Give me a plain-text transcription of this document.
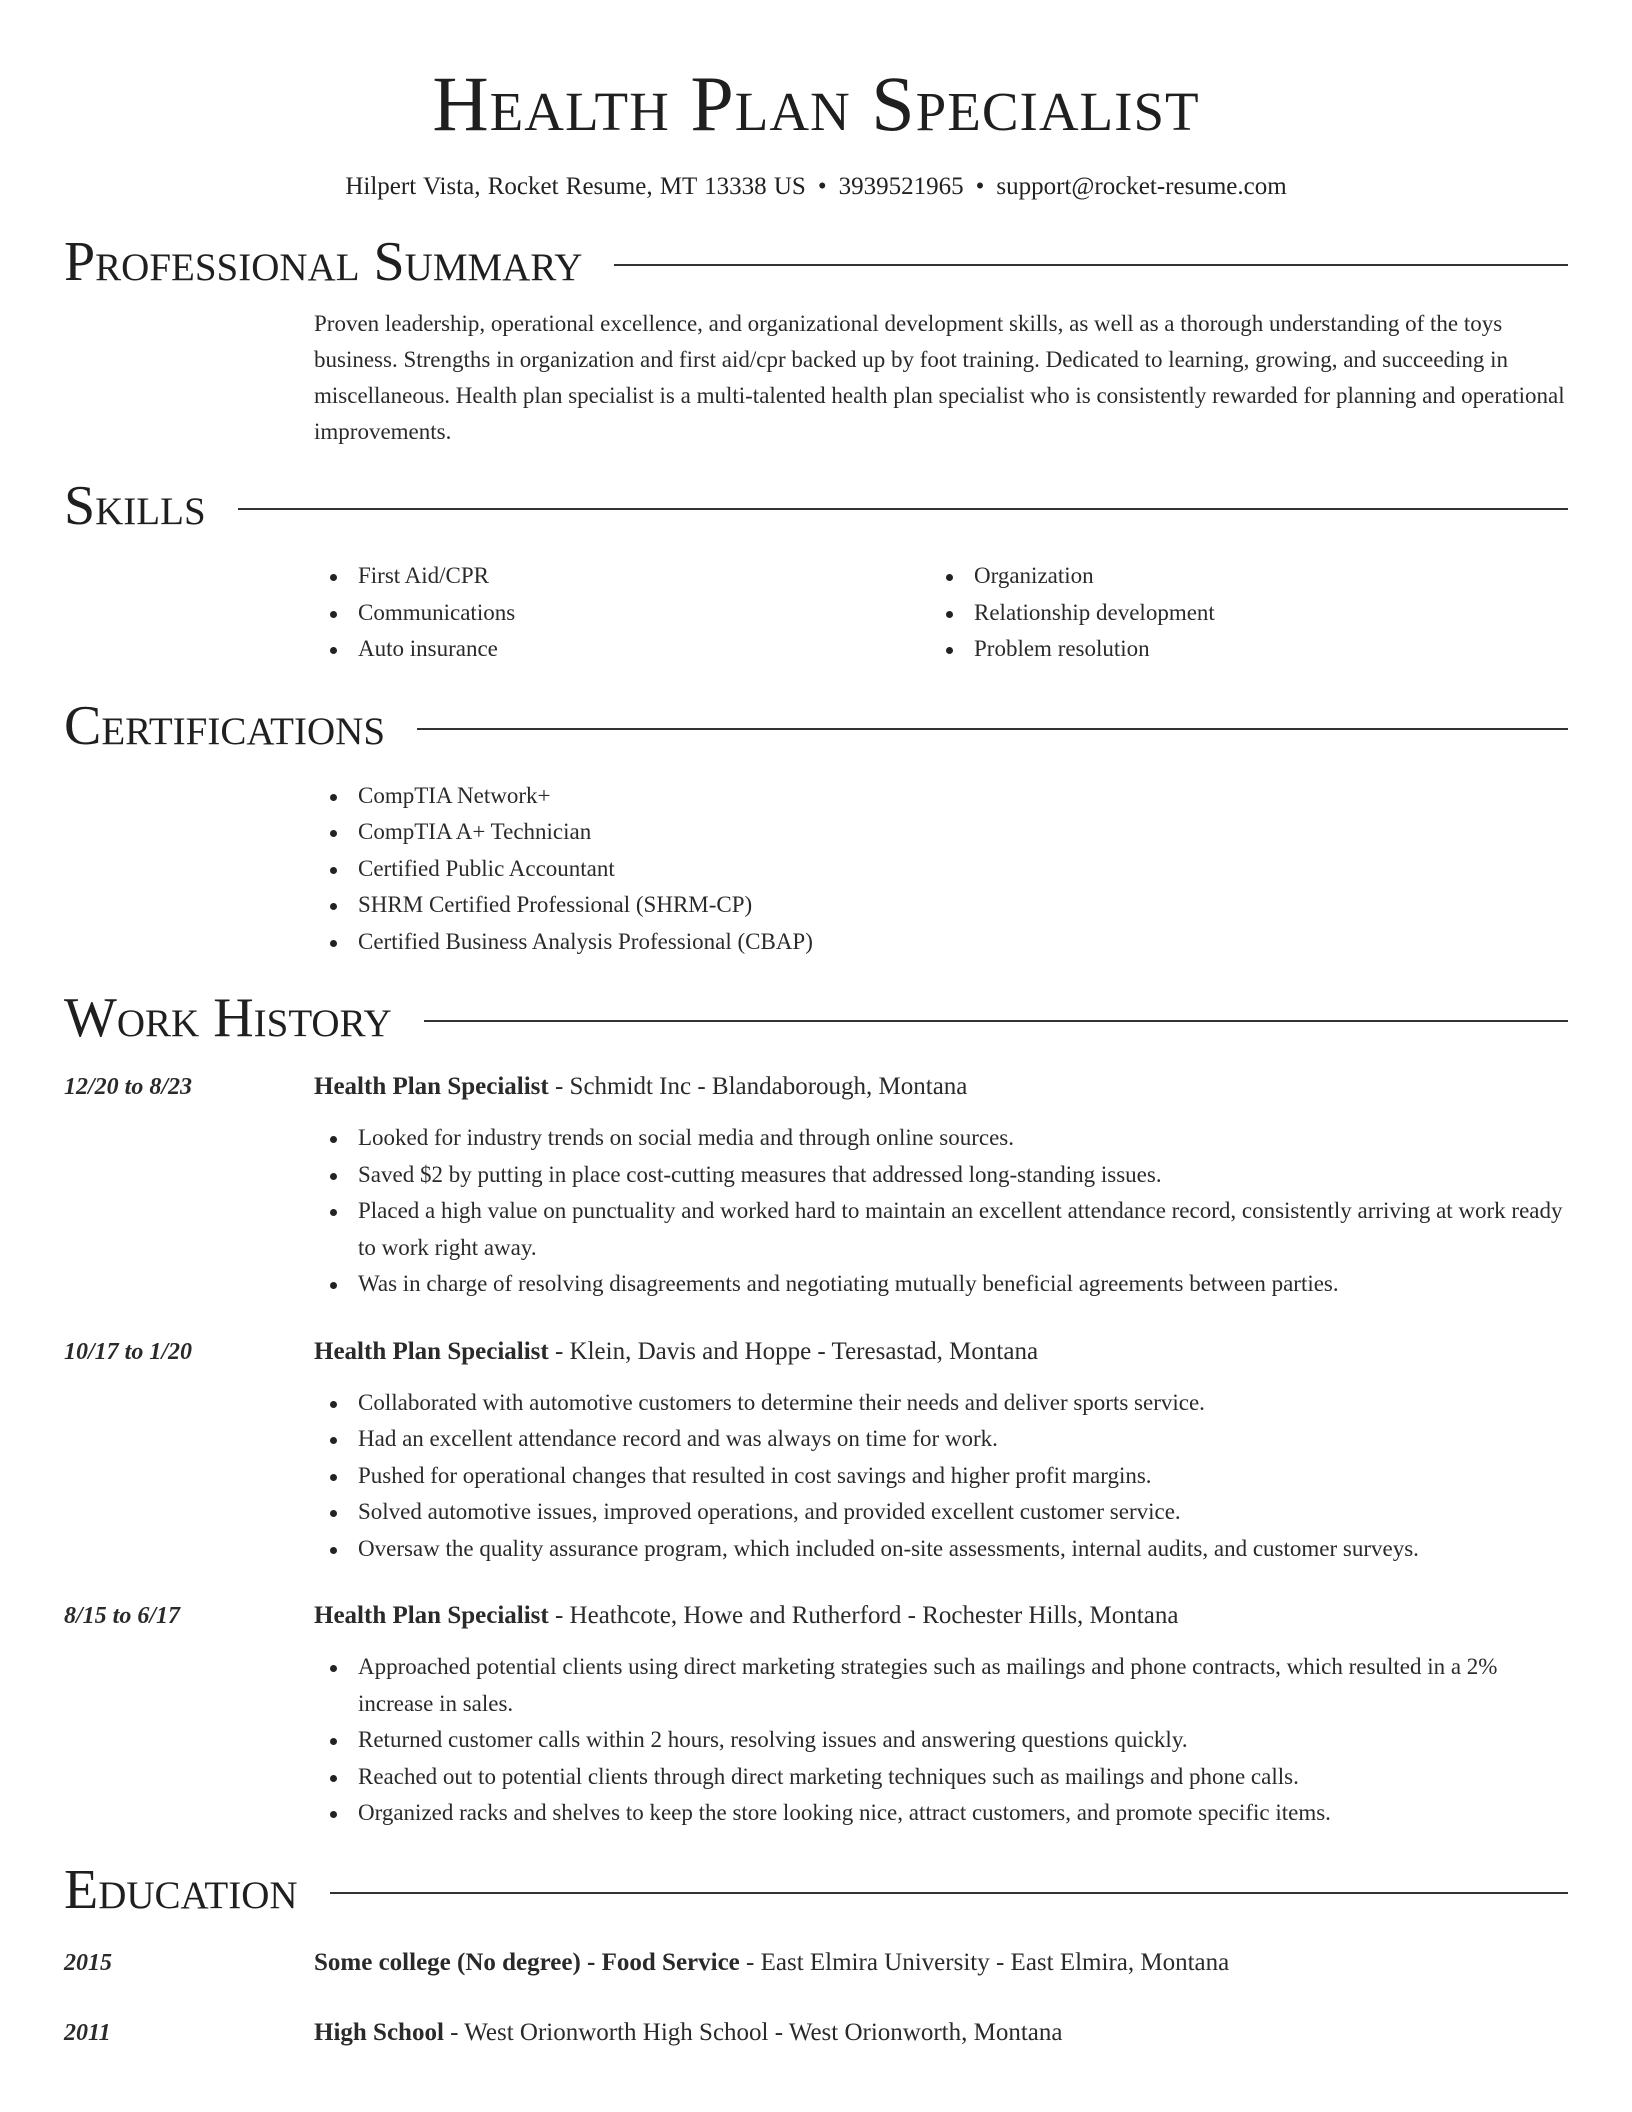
Health Plan Specialist
Hilpert Vista, Rocket Resume, MT 13338 US • 3939521965 • support@rocket-resume.com
Professional Summary

Proven leadership, operational excellence, and organizational development skills, as well as a thorough understanding of the toys business. Strengths in organization and first aid/cpr backed up by foot training. Dedicated to learning, growing, and succeeding in miscellaneous. Health plan specialist is a multi-talented health plan specialist who is consistently rewarded for planning and operational improvements.

Skills
First Aid/CPR
Communications
Auto insurance
Organization
Relationship development
Problem resolution
Certifications
CompTIA Network+
CompTIA A+ Technician
Certified Public Accountant
SHRM Certified Professional (SHRM-CP)
Certified Business Analysis Professional (CBAP)
Work History
12/20 to 8/23	Health Plan Specialist - Schmidt Inc - Blandaborough, Montana
Looked for industry trends on social media and through online sources.
Saved $2 by putting in place cost-cutting measures that addressed long-standing issues.
Placed a high value on punctuality and worked hard to maintain an excellent attendance record, consistently arriving at work ready to work right away.
Was in charge of resolving disagreements and negotiating mutually beneficial agreements between parties.
10/17 to 1/20	Health Plan Specialist - Klein, Davis and Hoppe - Teresastad, Montana
Collaborated with automotive customers to determine their needs and deliver sports service.
Had an excellent attendance record and was always on time for work.
Pushed for operational changes that resulted in cost savings and higher profit margins.
Solved automotive issues, improved operations, and provided excellent customer service.
Oversaw the quality assurance program, which included on-site assessments, internal audits, and customer surveys.
8/15 to 6/17	Health Plan Specialist - Heathcote, Howe and Rutherford - Rochester Hills, Montana
Approached potential clients using direct marketing strategies such as mailings and phone contracts, which resulted in a 2% increase in sales.
Returned customer calls within 2 hours, resolving issues and answering questions quickly.
Reached out to potential clients through direct marketing techniques such as mailings and phone calls.
Organized racks and shelves to keep the store looking nice, attract customers, and promote specific items.
Education
2015	Some college (No degree) - Food Service - East Elmira University - East Elmira, Montana
2011	High School - West Orionworth High School - West Orionworth, Montana
